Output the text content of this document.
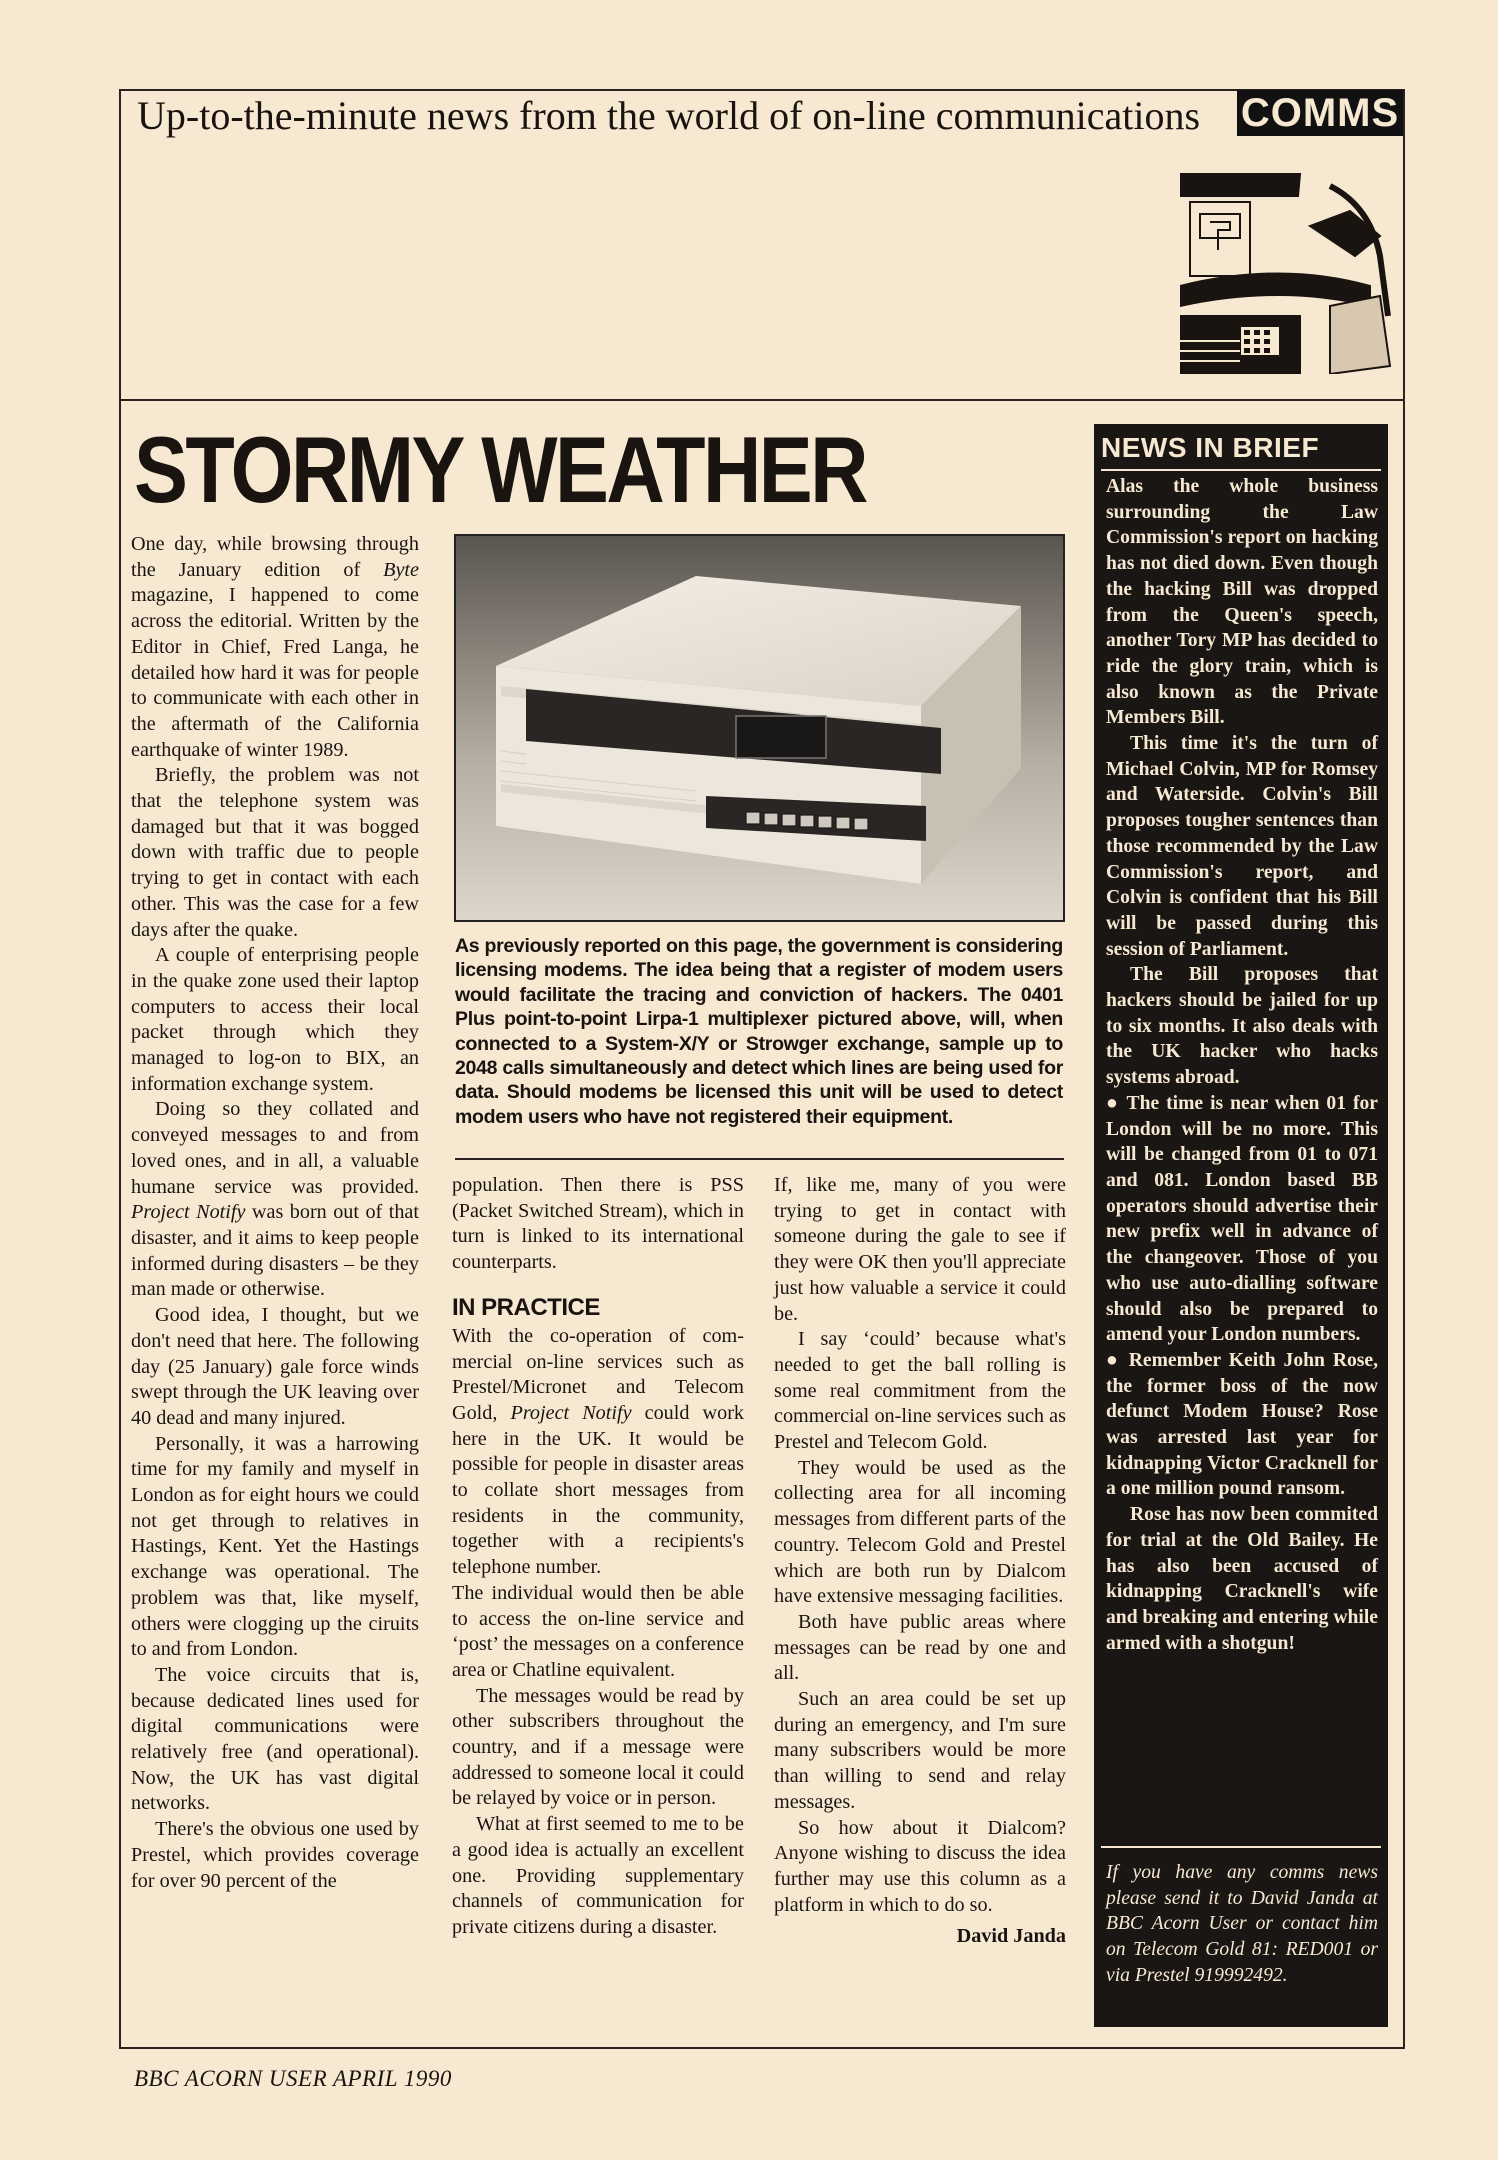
Up-to-the-minute news from the world of on-line communications COMMS
STORMY WEATHER

One day, while browsing through the January edition of Byte magazine, I happened to come across the editorial. Written by the Editor in Chief, Fred Langa, he detailed how hard it was for people to communicate with each other in the aftermath of the California earthquake of winter 1989.

Briefly, the problem was not that the telephone system was damaged but that it was bogged down with traffic due to people trying to get in contact with each other. This was the case for a few days after the quake.

A couple of enterprising people in the quake zone used their laptop computers to access their local packet through which they managed to log-on to BIX, an information exchange system.

Doing so they collated and conveyed messages to and from loved ones, and in all, a valuable humane service was provided. Project Notify was born out of that disaster, and it aims to keep people informed during disasters – be they man made or otherwise.

Good idea, I thought, but we don't need that here. The following day (25 January) gale force winds swept through the UK leaving over 40 dead and many injured.

Personally, it was a harrowing time for my family and myself in London as for eight hours we could not get through to relatives in Hastings, Kent. Yet the Hastings exchange was operational. The problem was that, like myself, others were clogging up the ciruits to and from London.

The voice circuits that is, because dedicated lines used for digital communications were relatively free (and operational). Now, the UK has vast digital networks.

There's the obvious one used by Prestel, which provides coverage for over 90 percent of the

As previously reported on this page, the government is considering licensing modems. The idea being that a register of modem users would facilitate the tracing and conviction of hackers. The 0401 Plus point-to-point Lirpa-1 multiplexer pictured above, will, when connected to a System-X/Y or Strowger exchange, sample up to 2048 calls simultaneously and detect which lines are being used for data. Should modems be licensed this unit will be used to detect modem users who have not registered their equipment.

population. Then there is PSS (Packet Switched Stream), which in turn is linked to its international counterparts.

IN PRACTICE

With the co-operation of commercial on-line services such as Prestel/Micronet and Telecom Gold, Project Notify could work here in the UK. It would be possible for people in disaster areas to collate short messages from residents in the community, together with a recipients's telephone number.

The individual would then be able to access the on-line service and ‘post’ the messages on a conference area or Chatline equivalent.

The messages would be read by other subscribers throughout the country, and if a message were addressed to someone local it could be relayed by voice or in person.

What at first seemed to me to be a good idea is actually an excellent one. Providing supplementary channels of communication for private citizens during a disaster.

If, like me, many of you were trying to get in contact with someone during the gale to see if they were OK then you'll appreciate just how valuable a service it could be.

I say ‘could’ because what's needed to get the ball rolling is some real commitment from the commercial on-line services such as Prestel and Telecom Gold.

They would be used as the collecting area for all incoming messages from different parts of the country. Telecom Gold and Prestel which are both run by Dialcom have extensive messaging facilities.

Both have public areas where messages can be read by one and all.

Such an area could be set up during an emergency, and I'm sure many subscribers would be more than willing to send and relay messages.

So how about it Dialcom? Anyone wishing to discuss the idea further may use this column as a platform in which to do so.

David Janda
NEWS IN BRIEF

Alas the whole business surrounding the Law Commission's report on hacking has not died down. Even though the hacking Bill was dropped from the Queen's speech, another Tory MP has decided to ride the glory train, which is also known as the Private Members Bill.

This time it's the turn of Michael Colvin, MP for Romsey and Waterside. Colvin's Bill proposes tougher sentences than those recommended by the Law Commission's report, and Colvin is confident that his Bill will be passed during this session of Parliament.

The Bill proposes that hackers should be jailed for up to six months. It also deals with the UK hacker who hacks systems abroad.

● The time is near when 01 for London will be no more. This will be changed from 01 to 071 and 081. London based BB operators should advertise their new prefix well in advance of the changeover. Those of you who use auto-dialling software should also be prepared to amend your London numbers.

● Remember Keith John Rose, the former boss of the now defunct Modem House? Rose was arrested last year for kidnapping Victor Cracknell for a one million pound ransom.

Rose has now been commited for trial at the Old Bailey. He has also been accused of kidnapping Cracknell's wife and breaking and entering while armed with a shotgun!

If you have any comms news please send it to David Janda at BBC Acorn User or contact him on Telecom Gold 81: RED001 or via Prestel 919992492.
BBC ACORN USER APRIL 1990
